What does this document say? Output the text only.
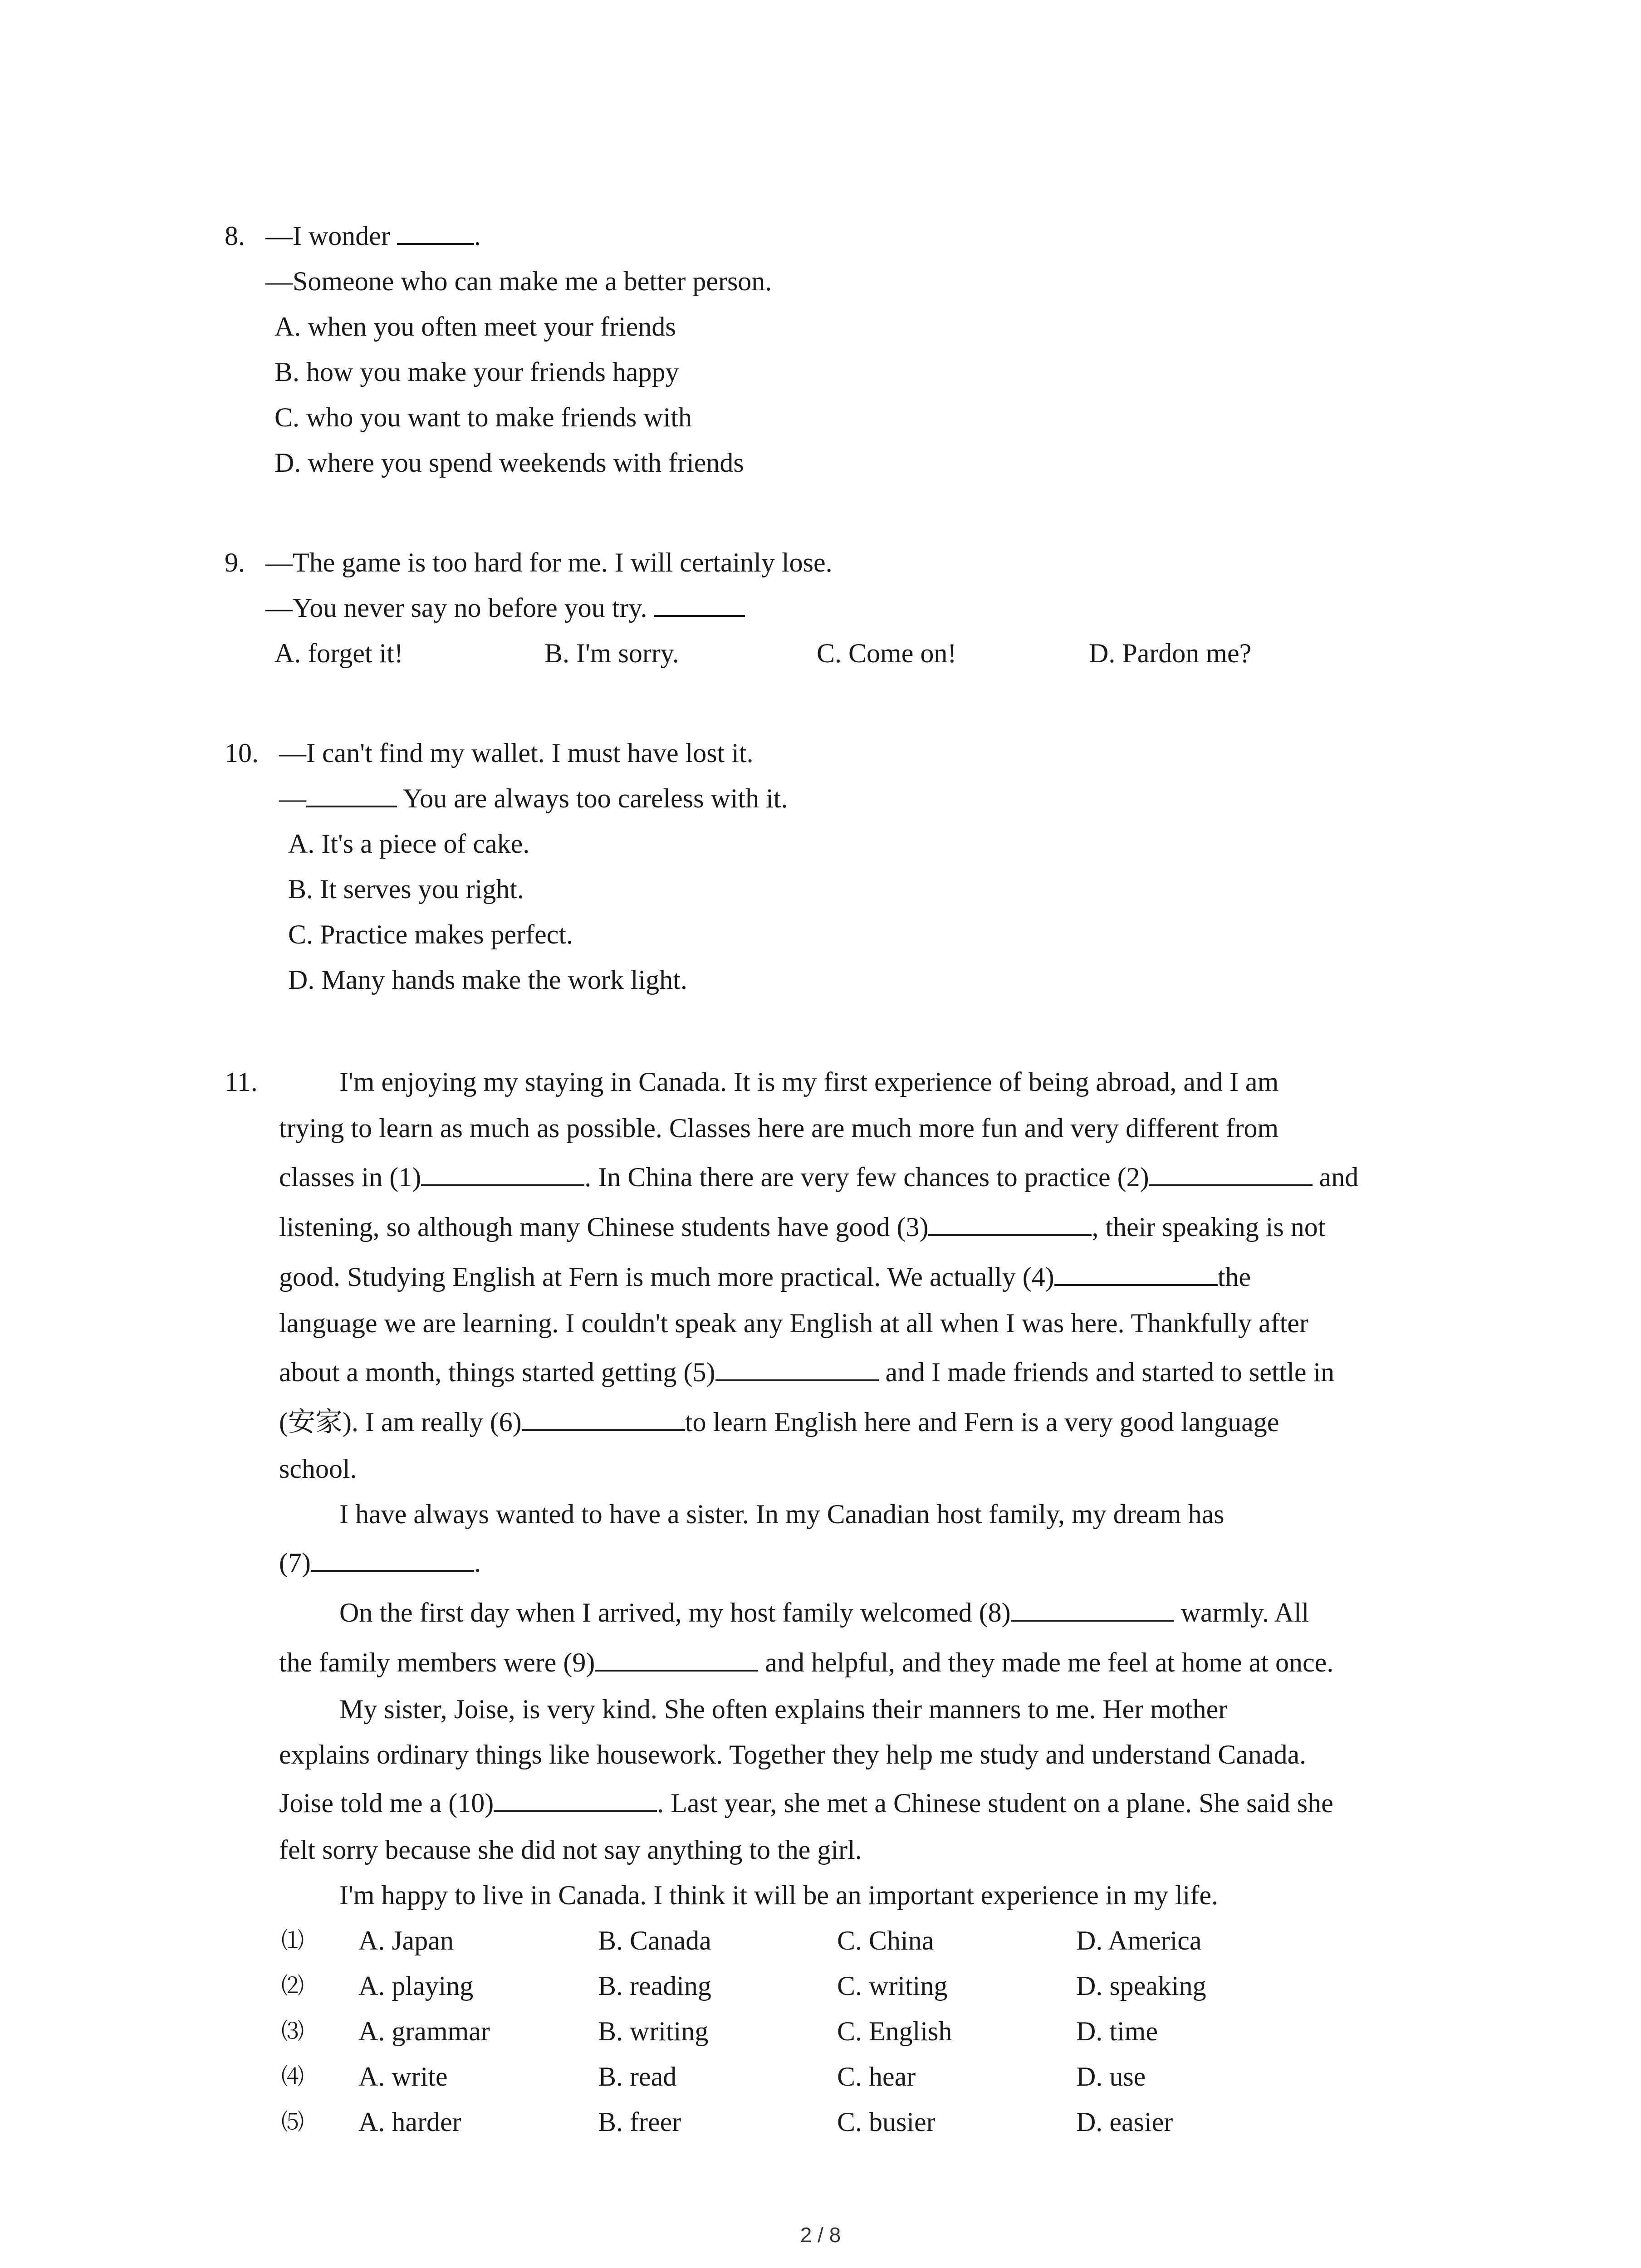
8. —I wonder	.
—Someone who can make me a better person.
A. when you often meet your friends
B. how you make your friends happy
C. who you want to make friends with
D. where you spend weekends with friends
9. —The game is too hard for me. I will certainly lose.
—You never say no before you try.
A. forget it!	B. I'm sorry.	C. Come on!	D. Pardon me?
10. —I can't find my wallet. I must have lost it.
—	You are always too careless with it.
A. It's a piece of cake.
B. It serves you right.
C. Practice makes perfect.
D. Many hands make the work light.
11.	I'm enjoying my staying in Canada. It is my first experience of being abroad, and I am
trying to learn as much as possible. Classes here are much more fun and very different from
classes in (1)	. In China there are very few chances to practice (2)	and
listening, so although many Chinese students have good (3)	, their speaking is not
good. Studying English at Fern is much more practical. We actually (4)	the
language we are learning. I couldn't speak any English at all when I was here. Thankfully after
about a month, things started getting (5)	and I made friends and started to settle in
(安家). I am really (6)	to learn English here and Fern is a very good language
school.
I have always wanted to have a sister. In my Canadian host family, my dream has
(7)	.
On the first day when I arrived, my host family welcomed (8)	warmly. All
the family members were (9)	and helpful, and they made me feel at home at once.
My sister, Joise, is very kind. She often explains their manners to me. Her mother
explains ordinary things like housework. Together they help me study and understand Canada.
Joise told me a (10)	. Last year, she met a Chinese student on a plane. She said she
felt sorry because she did not say anything to the girl.
I'm happy to live in Canada. I think it will be an important experience in my life.
⑴ A. Japan	B. Canada	C. China	D. America
⑵ A. playing	B. reading	C. writing	D. speaking
⑶ A. grammar	B. writing	C. English	D. time
⑷ A. write	B. read	C. hear	D. use
⑸ A. harder	B. freer	C. busier	D. easier
2 / 8
